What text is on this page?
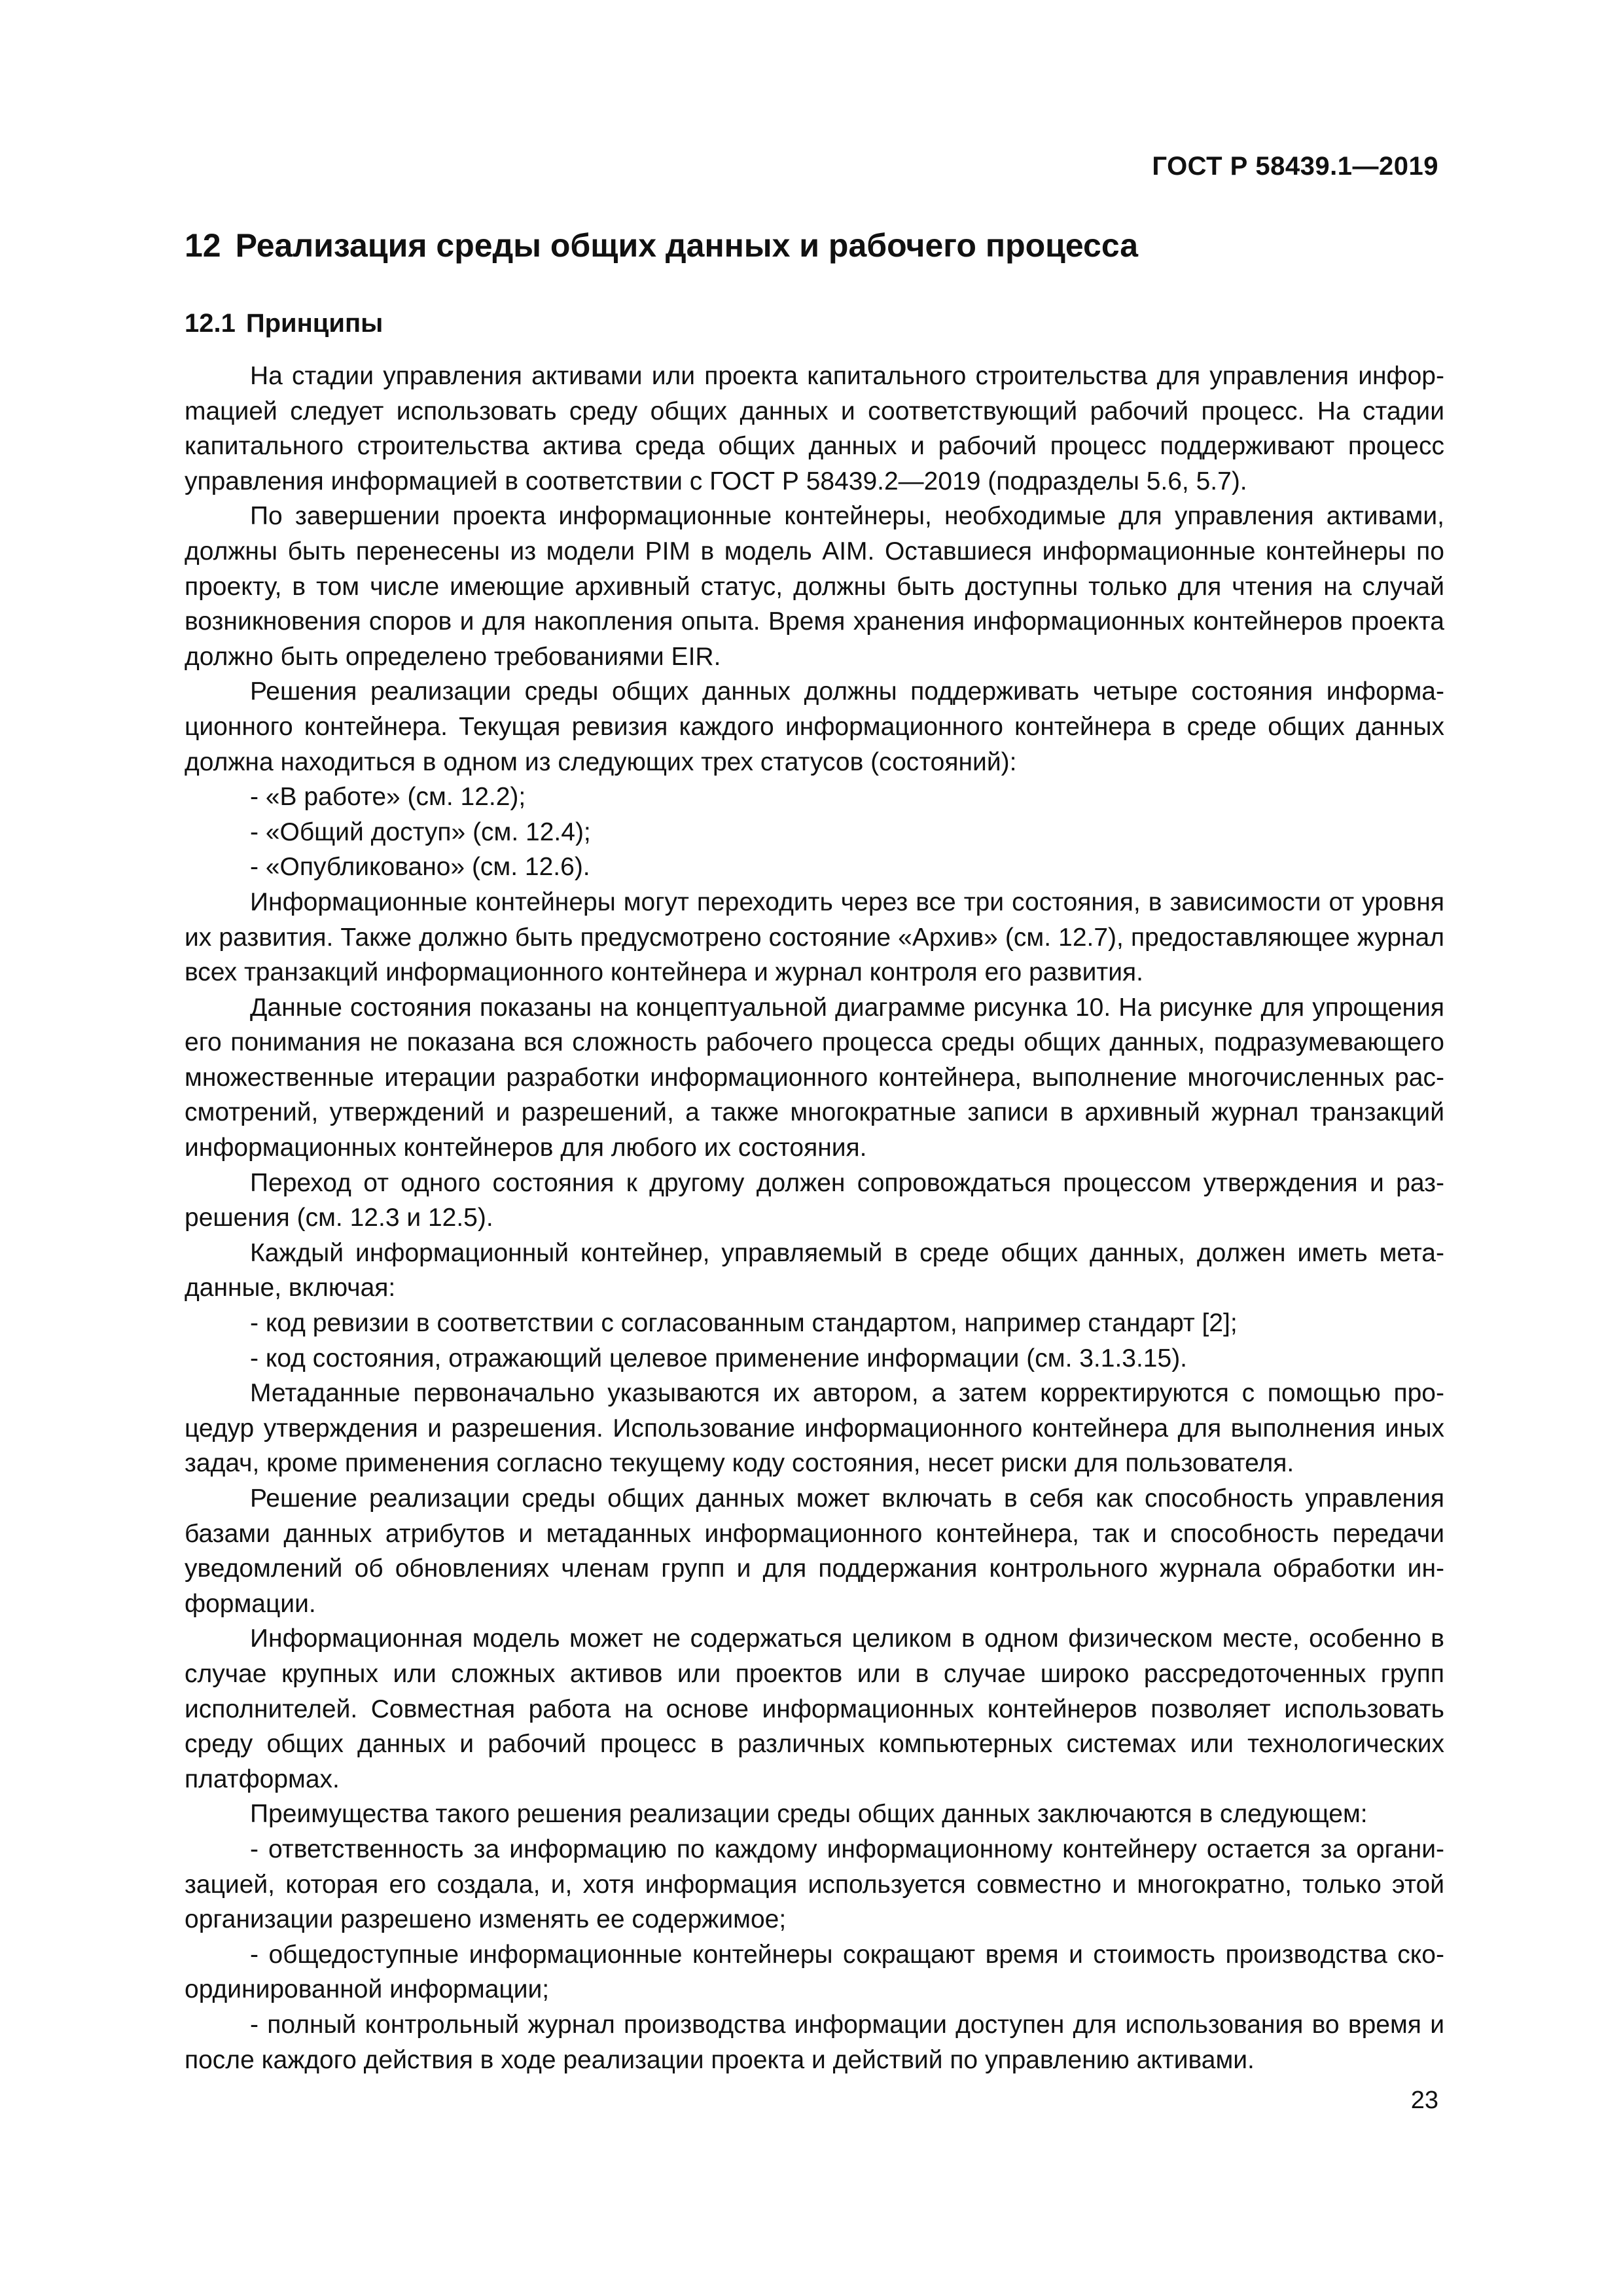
ГОСТ Р 58439.1—2019
12 Реализация среды общих данных и рабочего процесса
12.1 Принципы

На стадии управления активами или проекта капитального строительства для управления инфорmацией следует использовать среду общих данных и соответствующий рабочий процесс. На стадии капитального строительства актива среда общих данных и рабочий процесс поддерживают процесс управления информацией в соответствии с ГОСТ Р 58439.2—2019 (подразделы 5.6, 5.7).

По завершении проекта информационные контейнеры, необходимые для управления активами, должны быть перенесены из модели PIM в модель AIM. Оставшиеся информационные контейнеры по проекту, в том числе имеющие архивный статус, должны быть доступны только для чтения на случай возникновения споров и для накопления опыта. Время хранения информационных контейнеров проекта должно быть определено требованиями EIR.

Решения реализации среды общих данных должны поддерживать четыре состояния информационного контейнера. Текущая ревизия каждого информационного контейнера в среде общих данных должна находиться в одном из следующих трех статусов (состояний):

- «В работе» (см. 12.2);

- «Общий доступ» (см. 12.4);

- «Опубликовано» (см. 12.6).

Информационные контейнеры могут переходить через все три состояния, в зависимости от уровня их развития. Также должно быть предусмотрено состояние «Архив» (см. 12.7), предоставляющее журнал всех транзакций информационного контейнера и журнал контроля его развития.

Данные состояния показаны на концептуальной диаграмме рисунка 10. На рисунке для упрощения его понимания не показана вся сложность рабочего процесса среды общих данных, подразумевающего множественные итерации разработки информационного контейнера, выполнение многочисленных рассмотрений, утверждений и разрешений, а также многократные записи в архивный журнал транзакций информационных контейнеров для любого их состояния.

Переход от одного состояния к другому должен сопровождаться процессом утверждения и разрешения (см. 12.3 и 12.5).

Каждый информационный контейнер, управляемый в среде общих данных, должен иметь метаданные, включая:

- код ревизии в соответствии с согласованным стандартом, например стандарт [2];

- код состояния, отражающий целевое применение информации (см. 3.1.3.15).

Метаданные первоначально указываются их автором, а затем корректируются с помощью процедур утверждения и разрешения. Использование информационного контейнера для выполнения иных задач, кроме применения согласно текущему коду состояния, несет риски для пользователя.

Решение реализации среды общих данных может включать в себя как способность управления базами данных атрибутов и метаданных информационного контейнера, так и способность передачи уведомлений об обновлениях членам групп и для поддержания контрольного журнала обработки информации.

Информационная модель может не содержаться целиком в одном физическом месте, особенно в случае крупных или сложных активов или проектов или в случае широко рассредоточенных групп исполнителей. Совместная работа на основе информационных контейнеров позволяет использовать среду общих данных и рабочий процесс в различных компьютерных системах или технологических платформах.

Преимущества такого решения реализации среды общих данных заключаются в следующем:

- ответственность за информацию по каждому информационному контейнеру остается за организацией, которая его создала, и, хотя информация используется совместно и многократно, только этой организации разрешено изменять ее содержимое;

- общедоступные информационные контейнеры сокращают время и стоимость производства скоординированной информации;

- полный контрольный журнал производства информации доступен для использования во время и после каждого действия в ходе реализации проекта и действий по управлению активами.

23
